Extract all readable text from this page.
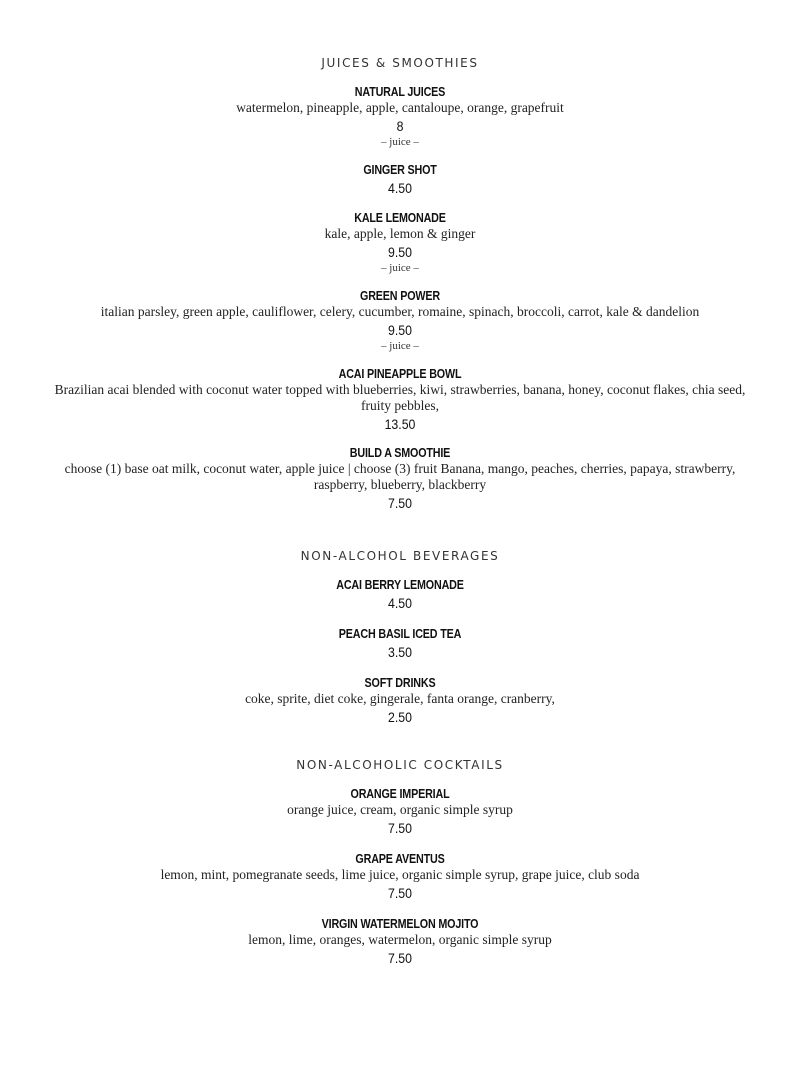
JUICES & SMOOTHIES
NATURAL JUICES
watermelon, pineapple, apple, cantaloupe, orange, grapefruit
8
– juice –
GINGER SHOT
4.50
KALE LEMONADE
kale, apple, lemon & ginger
9.50
– juice –
GREEN POWER
italian parsley, green apple, cauliflower, celery, cucumber, romaine, spinach, broccoli, carrot, kale & dandelion
9.50
– juice –
ACAI PINEAPPLE BOWL
Brazilian acai blended with coconut water topped with blueberries, kiwi, strawberries, banana, honey, coconut flakes, chia seed, fruity pebbles,
13.50
BUILD A SMOOTHIE
choose (1) base oat milk, coconut water, apple juice | choose (3) fruit Banana, mango, peaches, cherries, papaya, strawberry, raspberry, blueberry, blackberry
7.50
NON-ALCOHOL BEVERAGES
ACAI BERRY LEMONADE
4.50
PEACH BASIL ICED TEA
3.50
SOFT DRINKS
coke, sprite, diet coke, gingerale, fanta orange, cranberry,
2.50
NON-ALCOHOLIC COCKTAILS
ORANGE IMPERIAL
orange juice, cream, organic simple syrup
7.50
GRAPE AVENTUS
lemon, mint, pomegranate seeds, lime juice, organic simple syrup, grape juice, club soda
7.50
VIRGIN WATERMELON MOJITO
lemon, lime, oranges, watermelon, organic simple syrup
7.50
